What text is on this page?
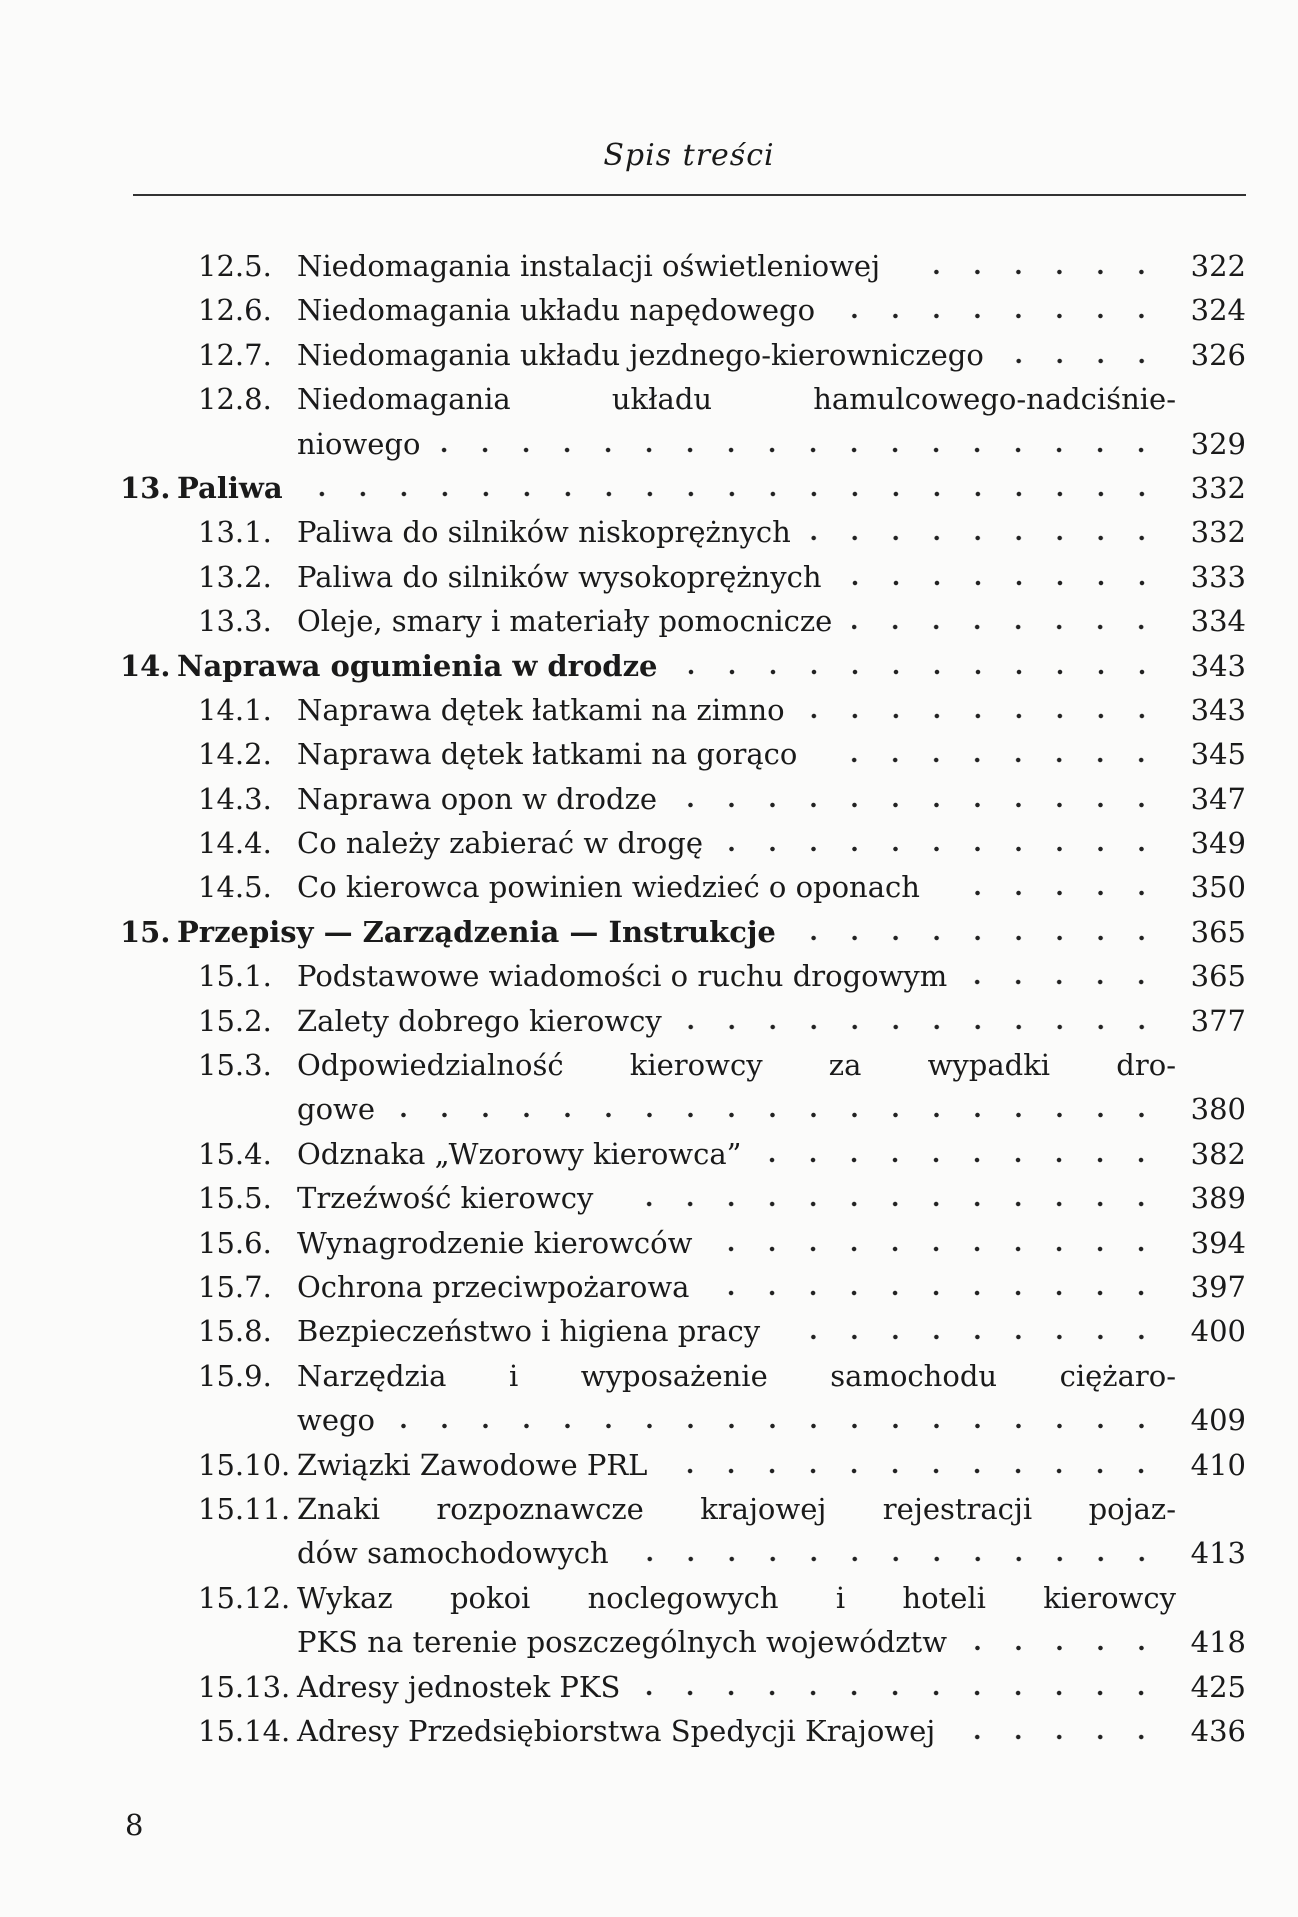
Spis treści
12.5. Niedomagania instalacji oświetleniowej	322
12.6. Niedomagania układu napędowego	324
12.7. Niedomagania układu jezdnego-kierowniczego	326
12.8. Niedomagania układu hamulcowego-nadciśnie-
niowego	329
13. Paliwa	332
13.1. Paliwa do silników niskoprężnych	332
13.2. Paliwa do silników wysokoprężnych	333
13.3. Oleje, smary i materiały pomocnicze	334
14. Naprawa ogumienia w drodze	343
14.1. Naprawa dętek łatkami na zimno	343
14.2. Naprawa dętek łatkami na gorąco	345
14.3. Naprawa opon w drodze	347
14.4. Co należy zabierać w drogę	349
14.5. Co kierowca powinien wiedzieć o oponach	350
15. Przepisy — Zarządzenia — Instrukcje	365
15.1. Podstawowe wiadomości o ruchu drogowym	365
15.2. Zalety dobrego kierowcy	377
15.3. Odpowiedzialność kierowcy za wypadki dro-
gowe	380
15.4. Odznaka „Wzorowy kierowca”	382
15.5. Trzeźwość kierowcy	389
15.6. Wynagrodzenie kierowców	394
15.7. Ochrona przeciwpożarowa	397
15.8. Bezpieczeństwo i higiena pracy	400
15.9. Narzędzia i wyposażenie samochodu ciężaro-
wego	409
15.10. Związki Zawodowe PRL	410
15.11. Znaki rozpoznawcze krajowej rejestracji pojaz-
dów samochodowych	413
15.12. Wykaz pokoi noclegowych i hoteli kierowcy
PKS na terenie poszczególnych województw	418
15.13. Adresy jednostek PKS	425
15.14. Adresy Przedsiębiorstwa Spedycji Krajowej	436
8
